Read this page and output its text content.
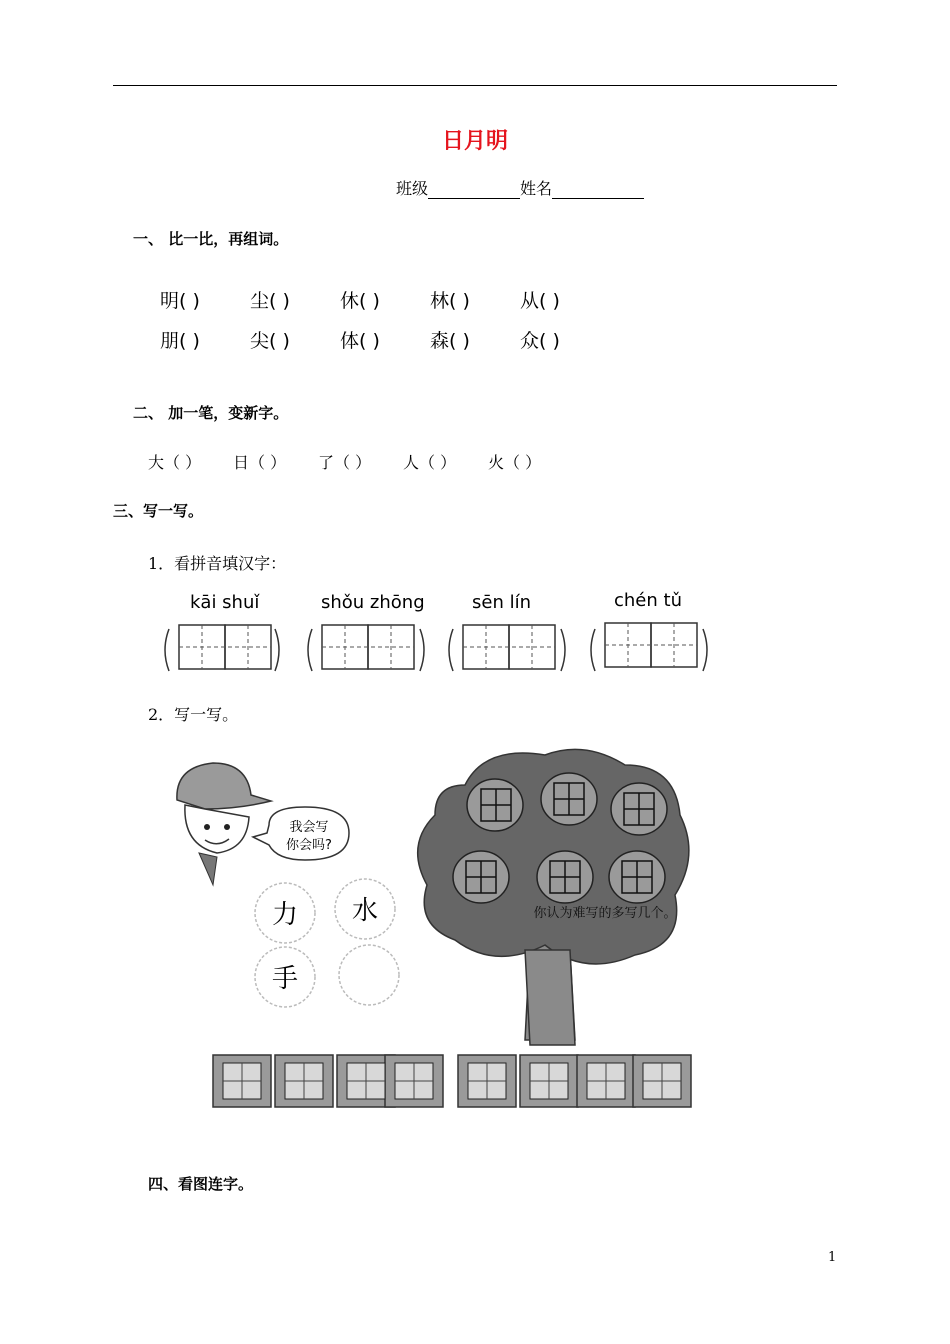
日月明
班级	姓名
一、 比一比，再组词。
明( )	尘( )	休( )	林( )	从( )
朋( )	尖( )	体( )	森( )	众( )
二、 加一笔，变新字。
大（ ） 日（ ） 了（ ） 人（ ） 火（ ）
三、写一写。
1．看拼音填汉字：
kāi shuǐ	shǒu zhōng	sēn lín	chén tǔ
2．写一写。
我会写
你会吗?
力 水
手
你认为难写的多写几个。
四、看图连字。
1
